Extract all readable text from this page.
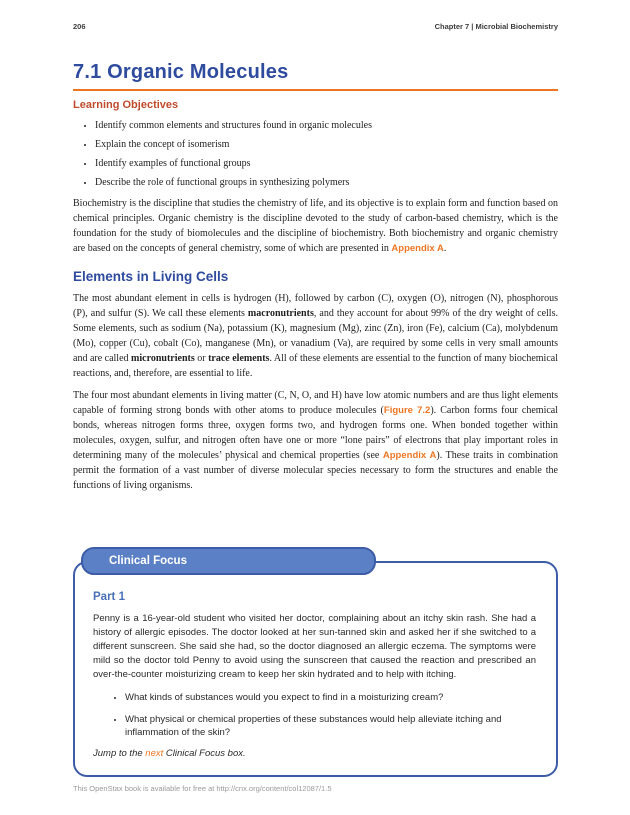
206	Chapter 7 | Microbial Biochemistry
7.1 Organic Molecules
Learning Objectives
• Identify common elements and structures found in organic molecules
• Explain the concept of isomerism
• Identify examples of functional groups
• Describe the role of functional groups in synthesizing polymers

Biochemistry is the discipline that studies the chemistry of life, and its objective is to explain form and function based on chemical principles. Organic chemistry is the discipline devoted to the study of carbon-based chemistry, which is the foundation for the study of biomolecules and the discipline of biochemistry. Both biochemistry and organic chemistry are based on the concepts of general chemistry, some of which are presented in Appendix A.

Elements in Living Cells

The most abundant element in cells is hydrogen (H), followed by carbon (C), oxygen (O), nitrogen (N), phosphorous (P), and sulfur (S). We call these elements macronutrients, and they account for about 99% of the dry weight of cells. Some elements, such as sodium (Na), potassium (K), magnesium (Mg), zinc (Zn), iron (Fe), calcium (Ca), molybdenum (Mo), copper (Cu), cobalt (Co), manganese (Mn), or vanadium (Va), are required by some cells in very small amounts and are called micronutrients or trace elements. All of these elements are essential to the function of many biochemical reactions, and, therefore, are essential to life.

The four most abundant elements in living matter (C, N, O, and H) have low atomic numbers and are thus light elements capable of forming strong bonds with other atoms to produce molecules (Figure 7.2). Carbon forms four chemical bonds, whereas nitrogen forms three, oxygen forms two, and hydrogen forms one. When bonded together within molecules, oxygen, sulfur, and nitrogen often have one or more “lone pairs” of electrons that play important roles in determining many of the molecules’ physical and chemical properties (see Appendix A). These traits in combination permit the formation of a vast number of diverse molecular species necessary to form the structures and enable the functions of living organisms.

Clinical Focus
Part 1

Penny is a 16-year-old student who visited her doctor, complaining about an itchy skin rash. She had a history of allergic episodes. The doctor looked at her sun-tanned skin and asked her if she switched to a different sunscreen. She said she had, so the doctor diagnosed an allergic eczema. The symptoms were mild so the doctor told Penny to avoid using the sunscreen that caused the reaction and prescribed an over-the-counter moisturizing cream to keep her skin hydrated and to help with itching.

• What kinds of substances would you expect to find in a moisturizing cream?
• What physical or chemical properties of these substances would help alleviate itching and inflammation of the skin?

Jump to the next Clinical Focus box.

This OpenStax book is available for free at http://cnx.org/content/col12087/1.5
